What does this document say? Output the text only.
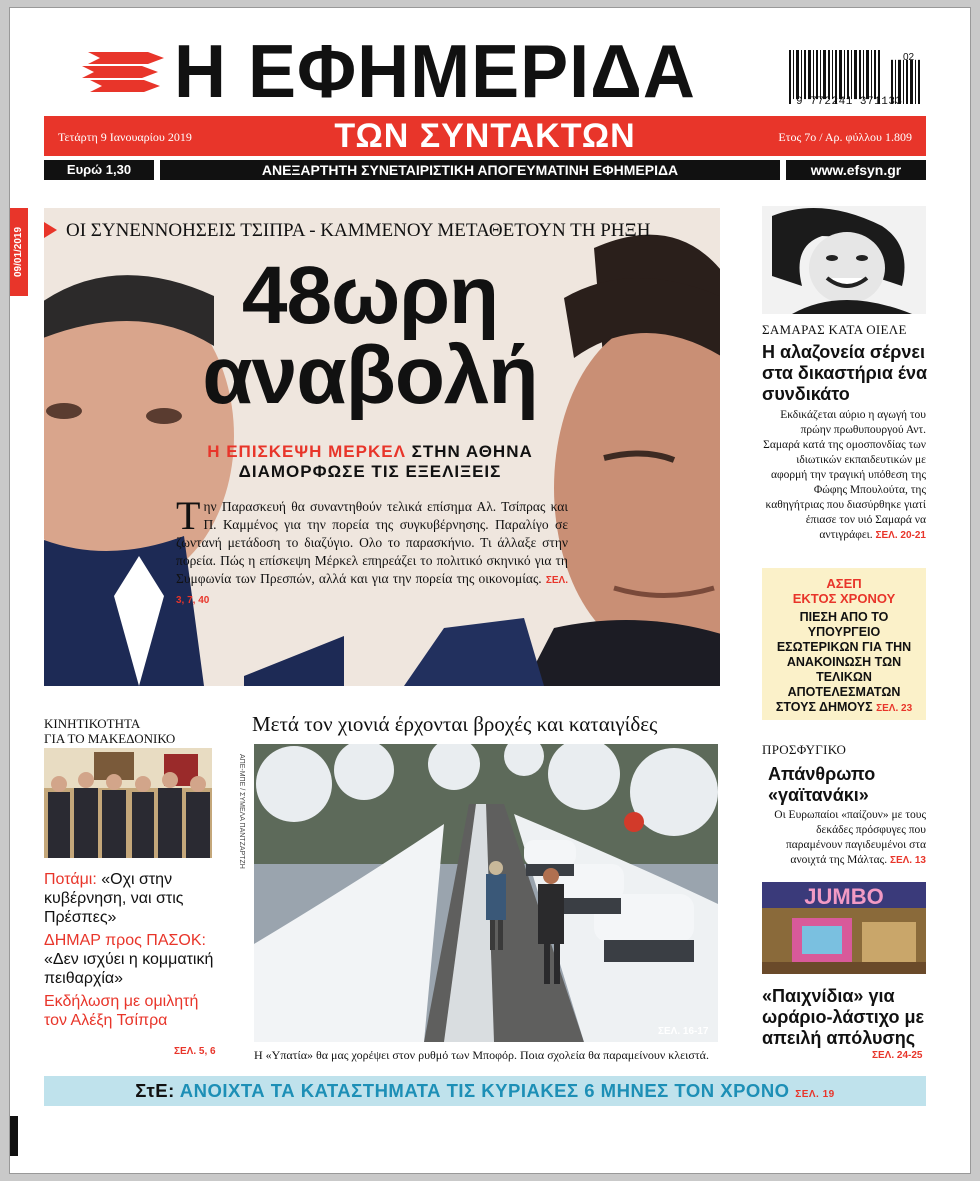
Η ΕΦΗΜΕΡΙΔΑ	02
9 772241 371133
Τετάρτη 9 Ιανουαρίου 2019	ΤΩΝ ΣΥΝΤΑΚΤΩΝ	Ετος 7ο / Αρ. φύλλου 1.809
Ευρώ 1,30	ΑΝΕΞΑΡΤΗΤΗ ΣΥΝΕΤΑΙΡΙΣΤΙΚΗ ΑΠΟΓΕΥΜΑΤΙΝΗ ΕΦΗΜΕΡΙΔΑ	www.efsyn.gr
ΟΙ ΣΥΝΕΝΝΟΗΣΕΙΣ ΤΣΙΠΡΑ - ΚΑΜΜΕΝΟΥ ΜΕΤΑΘΕΤΟΥΝ ΤΗ ΡΗΞΗ
48ωρη
αναβολή
Η ΕΠΙΣΚΕΨΗ ΜΕΡΚΕΛ ΣΤΗΝ ΑΘΗΝΑ
ΔΙΑΜΟΡΦΩΣΕ ΤΙΣ ΕΞΕΛΙΞΕΙΣ
Την Παρασκευή θα συναντηθούν τελικά επίσημα Αλ. Τσίπρας και Π. Καμμένος για την πορεία της συγκυβέρνησης. Παραλίγο σε ζωντανή μετάδοση το διαζύγιο. Ολο το παρασκήνιο. Τι άλλαξε στην πορεία. Πώς η επίσκεψη Μέρκελ επηρεάζει το πολιτικό σκηνικό για τη Συμφωνία των Πρεσπών, αλλά και για την πορεία της οικονομίας. ΣΕΛ. 3, 7, 40
09/01/2019
ΣΑΜΑΡΑΣ ΚΑΤΑ ΟΙΕΛΕ
Η αλαζονεία σέρνει στα δικαστήρια ένα συνδικάτο
Εκδικάζεται αύριο η αγωγή του πρώην πρωθυπουργού Αντ. Σαμαρά κατά της ομοσπονδίας των ιδιωτικών εκπαιδευτικών με αφορμή την τραγική υπόθεση της Φώφης Μπουλούτα, της καθηγήτριας που διασύρθηκε γιατί έπιασε τον υιό Σαμαρά να αντιγράφει. ΣΕΛ. 20-21
ΑΣΕΠ
ΕΚΤΟΣ ΧΡΟΝΟΥ
ΠΙΕΣΗ ΑΠΟ ΤΟ ΥΠΟΥΡΓΕΙΟ ΕΣΩΤΕΡΙΚΩΝ ΓΙΑ ΤΗΝ ΑΝΑΚΟΙΝΩΣΗ ΤΩΝ ΤΕΛΙΚΩΝ ΑΠΟΤΕΛΕΣΜΑΤΩΝ ΣΤΟΥΣ ΔΗΜΟΥΣ ΣΕΛ. 23
ΠΡΟΣΦΥΓΙΚΟ
Απάνθρωπο «γαϊτανάκι»
Οι Ευρωπαίοι «παίζουν» με τους δεκάδες πρόσφυγες που παραμένουν παγιδευμένοι στα ανοιχτά της Μάλτας. ΣΕΛ. 13
JUMBO
«Παιχνίδια» για ωράριο-λάστιχο με απειλή απόλυσης
ΣΕΛ. 24-25
ΚΙΝΗΤΙΚΟΤΗΤΑ
ΓΙΑ ΤΟ ΜΑΚΕΔΟΝΙΚΟ
Ποτάμι: «Οχι στην κυβέρνηση, ναι στις Πρέσπες»
ΔΗΜΑΡ προς ΠΑΣΟΚ: «Δεν ισχύει η κομματική πειθαρχία»
Εκδήλωση με ομιλητή τον Αλέξη Τσίπρα
ΣΕΛ. 5, 6
Μετά τον χιονιά έρχονται βροχές και καταιγίδες
ΑΠΕ-ΜΠΕ / ΣΥΜΕΛΑ ΠΑΝΤΖΑΡΤΖΗ
ΣΕΛ. 16-17
Η «Υπατία» θα μας χορέψει στον ρυθμό των Μποφόρ. Ποια σχολεία θα παραμείνουν κλειστά.
ΣτΕ: ΑΝΟΙΧΤΑ ΤΑ ΚΑΤΑΣΤΗΜΑΤΑ ΤΙΣ ΚΥΡΙΑΚΕΣ 6 ΜΗΝΕΣ ΤΟΝ ΧΡΟΝΟ ΣΕΛ. 19
